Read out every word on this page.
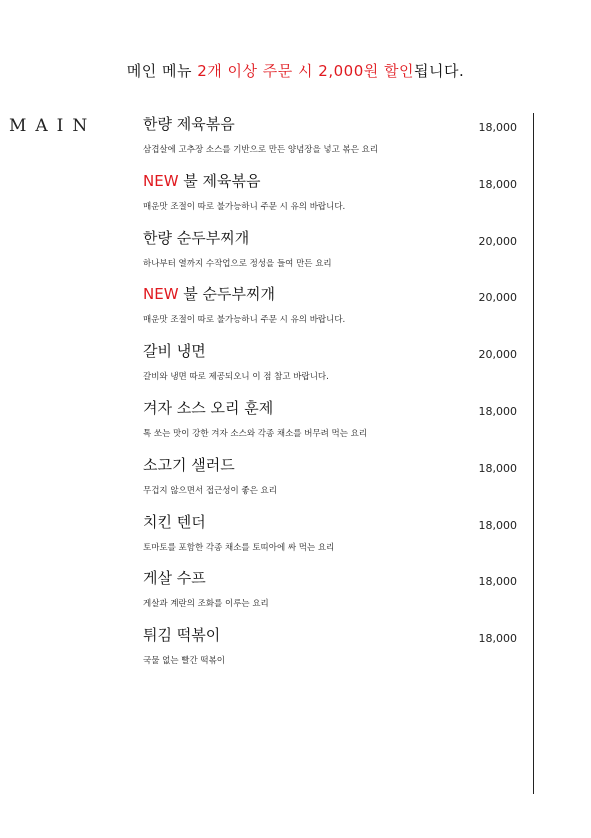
메인 메뉴 2개 이상 주문 시 2,000원 할인됩니다.
MAIN	한량 제육볶음	18,000
삼겹살에 고추장 소스를 기반으로 만든 양념장을 넣고 볶은 요리
NEW 불 제육볶음	18,000
매운맛 조절이 따로 불가능하니 주문 시 유의 바랍니다.
한량 순두부찌개	20,000
하나부터 열까지 수작업으로 정성을 들여 만든 요리
NEW 불 순두부찌개	20,000
매운맛 조절이 따로 불가능하니 주문 시 유의 바랍니다.
갈비 냉면	20,000
갈비와 냉면 따로 제공되오니 이 점 참고 바랍니다.
겨자 소스 오리 훈제	18,000
톡 쏘는 맛이 강한 겨자 소스와 각종 채소를 버무려 먹는 요리
소고기 샐러드	18,000
무겁지 않으면서 접근성이 좋은 요리
치킨 텐더	18,000
토마토를 포함한 각종 채소를 토띠아에 싸 먹는 요리
게살 수프	18,000
게살과 계란의 조화를 이루는 요리
튀김 떡볶이	18,000
국물 없는 빨간 떡볶이
